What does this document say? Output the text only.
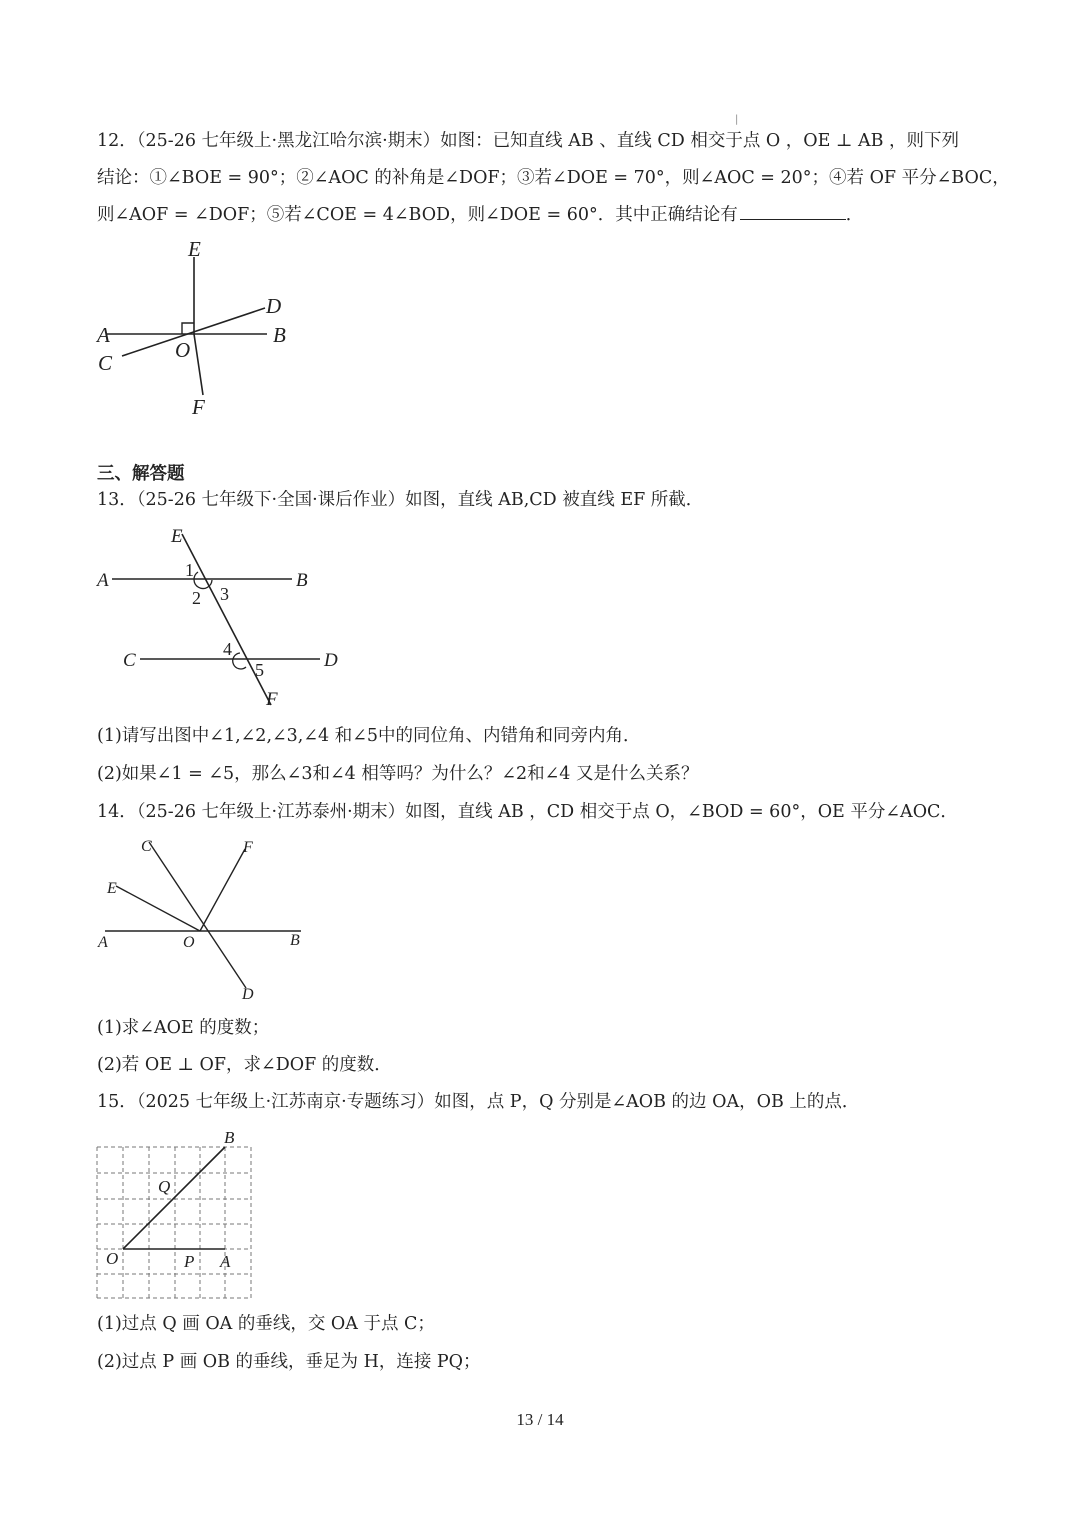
|
12．（25-26 七年级上·黑龙江哈尔滨·期末）如图：已知直线 AB 、直线 CD 相交于点 O ，OE ⊥ AB ，则下列
结论：①∠BOE = 90°；②∠AOC 的补角是∠DOF；③若∠DOE = 70°，则∠AOC = 20°；④若 OF 平分∠BOC，
则∠AOF = ∠DOF；⑤若∠COE = 4∠BOD，则∠DOE = 60°．其中正确结论有	．
E
D
A	B
O
C
F
三、解答题
13．（25-26 七年级下·全国·课后作业）如图，直线 AB,CD 被直线 EF 所截．
E
A	B
1
2 3
C	D
4
5
F
(1)请写出图中∠1,∠2,∠3,∠4 和∠5中的同位角、内错角和同旁内角．
(2)如果∠1 = ∠5，那么∠3和∠4 相等吗？为什么？∠2和∠4 又是什么关系？
14．（25-26 七年级上·江苏泰州·期末）如图，直线 AB ，CD 相交于点 O，∠BOD = 60°，OE 平分∠AOC．
C	F
E
A	O	B
D
(1)求∠AOE 的度数；
(2)若 OE ⊥ OF，求∠DOF 的度数．
15．（2025 七年级上·江苏南京·专题练习）如图，点 P，Q 分别是∠AOB 的边 OA，OB 上的点．
B
Q
O	P A
(1)过点 Q 画 OA 的垂线，交 OA 于点 C；
(2)过点 P 画 OB 的垂线，垂足为 H，连接 PQ；
13 / 14
